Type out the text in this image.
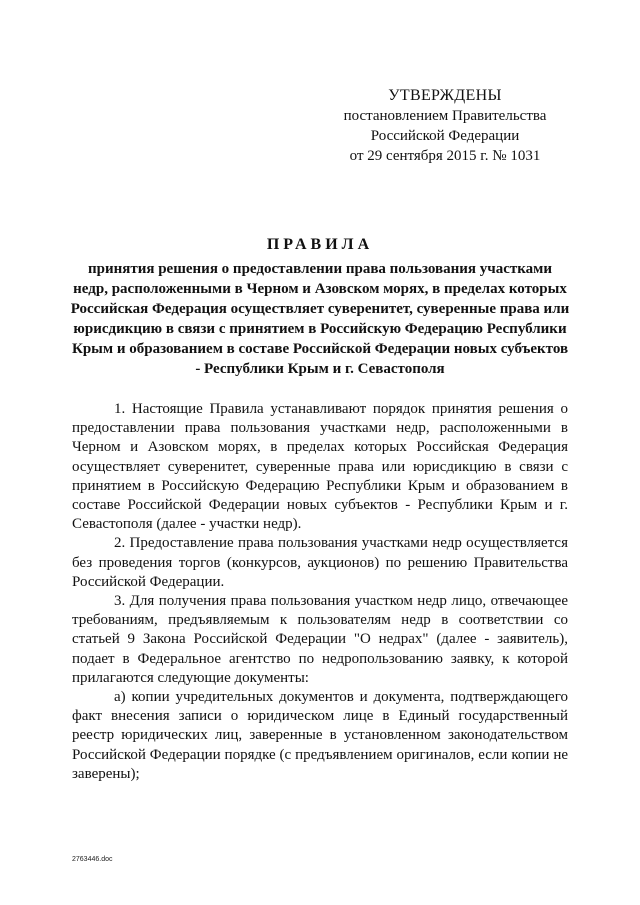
УТВЕРЖДЕНЫ
постановлением Правительства
Российской Федерации
от 29 сентября 2015 г. № 1031
ПРАВИЛА
принятия решения о предоставлении права пользования участками недр, расположенными в Черном и Азовском морях, в пределах которых Российская Федерация осуществляет суверенитет, суверенные права или юрисдикцию в связи с принятием в Российскую Федерацию Республики Крым и образованием в составе Российской Федерации новых субъектов - Республики Крым и г. Севастополя

1. Настоящие Правила устанавливают порядок принятия решения о предоставлении права пользования участками недр, расположенными в Черном и Азовском морях, в пределах которых Российская Федерация осуществляет суверенитет, суверенные права или юрисдикцию в связи с принятием в Российскую Федерацию Республики Крым и образованием в составе Российской Федерации новых субъектов - Республики Крым и г. Севастополя (далее - участки недр).

2. Предоставление права пользования участками недр осуществляется без проведения торгов (конкурсов, аукционов) по решению Правительства Российской Федерации.

3. Для получения права пользования участком недр лицо, отвечающее требованиям, предъявляемым к пользователям недр в соответствии со статьей 9 Закона Российской Федерации "О недрах" (далее - заявитель), подает в Федеральное агентство по недропользованию заявку, к которой прилагаются следующие документы:

а) копии учредительных документов и документа, подтверждающего факт внесения записи о юридическом лице в Единый государственный реестр юридических лиц, заверенные в установленном законодательством Российской Федерации порядке (с предъявлением оригиналов, если копии не заверены);

2763446.doc
